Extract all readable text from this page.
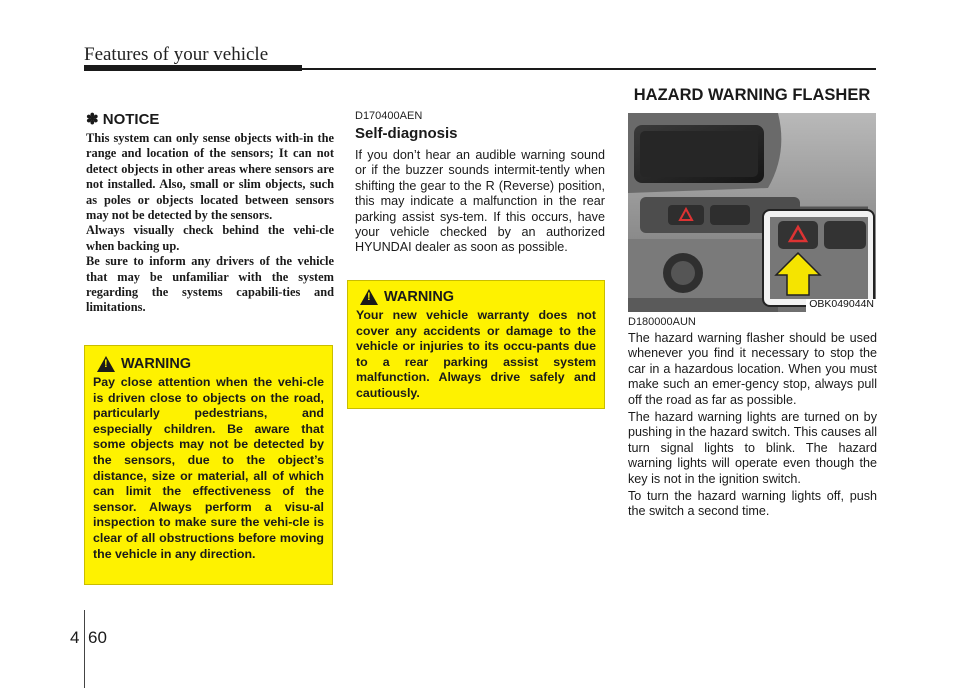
Features of your vehicle
✽ NOTICE

This system can only sense objects with-in the range and location of the sensors; It can not detect objects in other areas where sensors are not installed. Also, small or slim objects, such as poles or objects located between sensors may not be detected by the sensors.

Always visually check behind the vehi-cle when backing up.

Be sure to inform any drivers of the vehicle that may be unfamiliar with the system regarding the systems capabili-ties and limitations.

!
WARNING

Pay close attention when the vehi-cle is driven close to objects on the road, particularly pedestrians, and especially children. Be aware that some objects may not be detected by the sensors, due to the object’s distance, size or material, all of which can limit the effectiveness of the sensor. Always perform a visu-al inspection to make sure the vehi-cle is clear of all obstructions before moving the vehicle in any direction.

D170400AEN
Self-diagnosis

If you don’t hear an audible warning sound or if the buzzer sounds intermit-tently when shifting the gear to the R (Reverse) position, this may indicate a malfunction in the rear parking assist sys-tem. If this occurs, have your vehicle checked by an authorized HYUNDAI dealer as soon as possible.

!
WARNING

Your new vehicle warranty does not cover any accidents or damage to the vehicle or injuries to its occu-pants due to a rear parking assist system malfunction. Always drive safely and cautiously.

HAZARD WARNING FLASHER
OBK049044N
D180000AUN

The hazard warning flasher should be used whenever you find it necessary to stop the car in a hazardous location. When you must make such an emer-gency stop, always pull off the road as far as possible.

The hazard warning lights are turned on by pushing in the hazard switch. This causes all turn signal lights to blink. The hazard warning lights will operate even though the key is not in the ignition switch.

To turn the hazard warning lights off, push the switch a second time.

4 60
